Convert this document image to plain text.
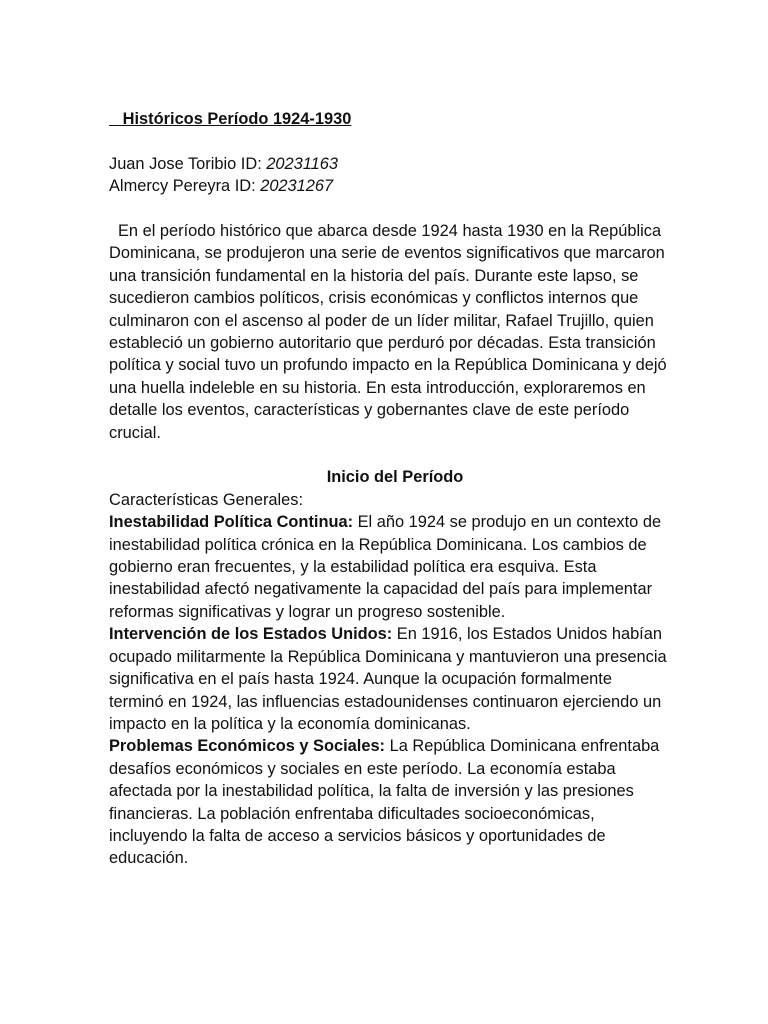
Históricos Período 1924-1930

Juan Jose Toribio ID: 20231163

Almercy Pereyra ID: 20231267

En el período histórico que abarca desde 1924 hasta 1930 en la República Dominicana, se produjeron una serie de eventos significativos que marcaron una transición fundamental en la historia del país. Durante este lapso, se sucedieron cambios políticos, crisis económicas y conflictos internos que culminaron con el ascenso al poder de un líder militar, Rafael Trujillo, quien estableció un gobierno autoritario que perduró por décadas. Esta transición política y social tuvo un profundo impacto en la República Dominicana y dejó una huella indeleble en su historia. En esta introducción, exploraremos en detalle los eventos, características y gobernantes clave de este período crucial.

Inicio del Período

Características Generales:

Inestabilidad Política Continua: El año 1924 se produjo en un contexto de inestabilidad política crónica en la República Dominicana. Los cambios de gobierno eran frecuentes, y la estabilidad política era esquiva. Esta inestabilidad afectó negativamente la capacidad del país para implementar reformas significativas y lograr un progreso sostenible.

Intervención de los Estados Unidos: En 1916, los Estados Unidos habían ocupado militarmente la República Dominicana y mantuvieron una presencia significativa en el país hasta 1924. Aunque la ocupación formalmente terminó en 1924, las influencias estadounidenses continuaron ejerciendo un impacto en la política y la economía dominicanas.

Problemas Económicos y Sociales: La República Dominicana enfrentaba desafíos económicos y sociales en este período. La economía estaba afectada por la inestabilidad política, la falta de inversión y las presiones financieras. La población enfrentaba dificultades socioeconómicas, incluyendo la falta de acceso a servicios básicos y oportunidades de educación.
